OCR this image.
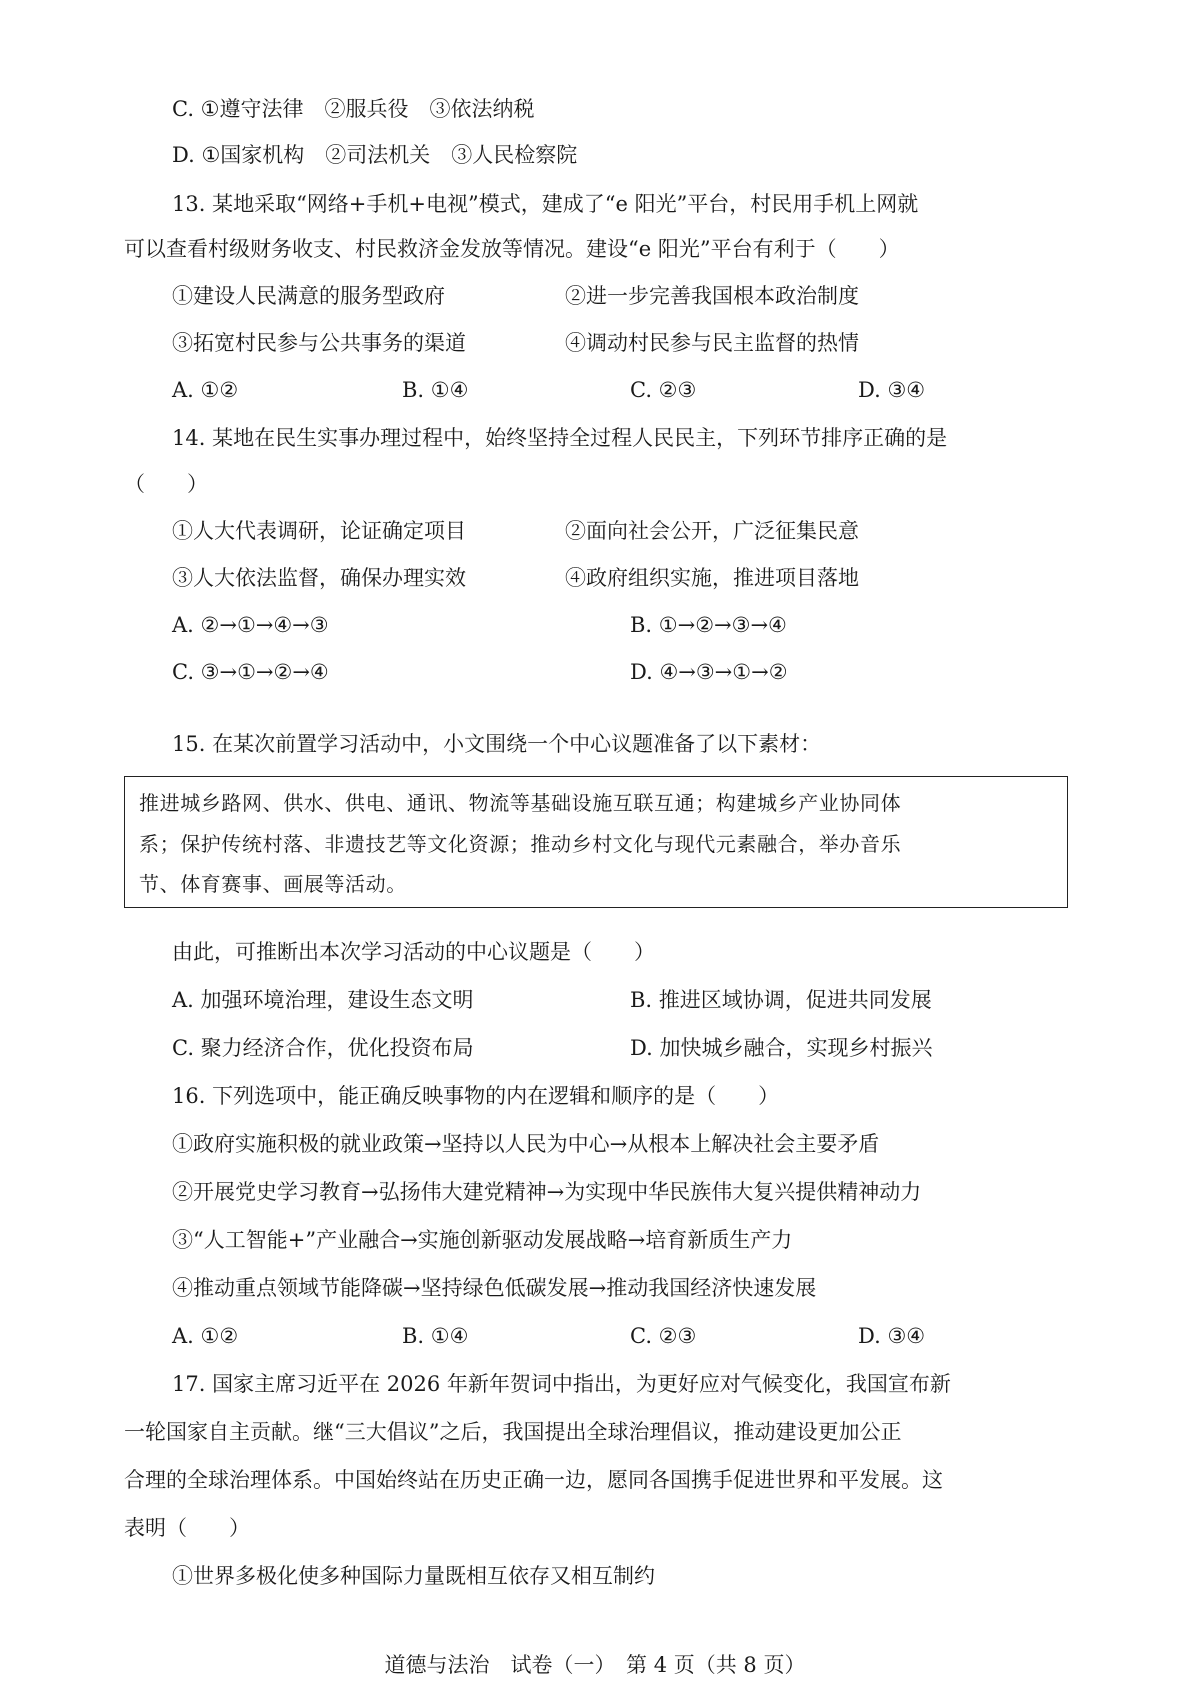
C. ①遵守法律　②服兵役　③依法纳税
D. ①国家机构　②司法机关　③人民检察院
13. 某地采取“网络+手机+电视”模式，建成了“e 阳光”平台，村民用手机上网就
可以查看村级财务收支、村民救济金发放等情况。建设“e 阳光”平台有利于（　　）
①建设人民满意的服务型政府	②进一步完善我国根本政治制度
③拓宽村民参与公共事务的渠道	④调动村民参与民主监督的热情
A. ①②	B. ①④	C. ②③	D. ③④
14. 某地在民生实事办理过程中，始终坚持全过程人民民主，下列环节排序正确的是
（　　）
①人大代表调研，论证确定项目	②面向社会公开，广泛征集民意
③人大依法监督，确保办理实效	④政府组织实施，推进项目落地
A. ②→①→④→③	B. ①→②→③→④
C. ③→①→②→④	D. ④→③→①→②
15. 在某次前置学习活动中，小文围绕一个中心议题准备了以下素材：
推进城乡路网、供水、供电、通讯、物流等基础设施互联互通；构建城乡产业协同体
系；保护传统村落、非遗技艺等文化资源；推动乡村文化与现代元素融合，举办音乐
节、体育赛事、画展等活动。
由此，可推断出本次学习活动的中心议题是（　　）
A. 加强环境治理，建设生态文明	B. 推进区域协调，促进共同发展
C. 聚力经济合作，优化投资布局	D. 加快城乡融合，实现乡村振兴
16. 下列选项中，能正确反映事物的内在逻辑和顺序的是（　　）
①政府实施积极的就业政策→坚持以人民为中心→从根本上解决社会主要矛盾
②开展党史学习教育→弘扬伟大建党精神→为实现中华民族伟大复兴提供精神动力
③“人工智能+”产业融合→实施创新驱动发展战略→培育新质生产力
④推动重点领域节能降碳→坚持绿色低碳发展→推动我国经济快速发展
A. ①②	B. ①④	C. ②③	D. ③④
17. 国家主席习近平在 2026 年新年贺词中指出，为更好应对气候变化，我国宣布新
一轮国家自主贡献。继“三大倡议”之后，我国提出全球治理倡议，推动建设更加公正
合理的全球治理体系。中国始终站在历史正确一边，愿同各国携手促进世界和平发展。这
表明（　　）
①世界多极化使多种国际力量既相互依存又相互制约
道德与法治　试卷（一）　第 4 页（共 8 页）
